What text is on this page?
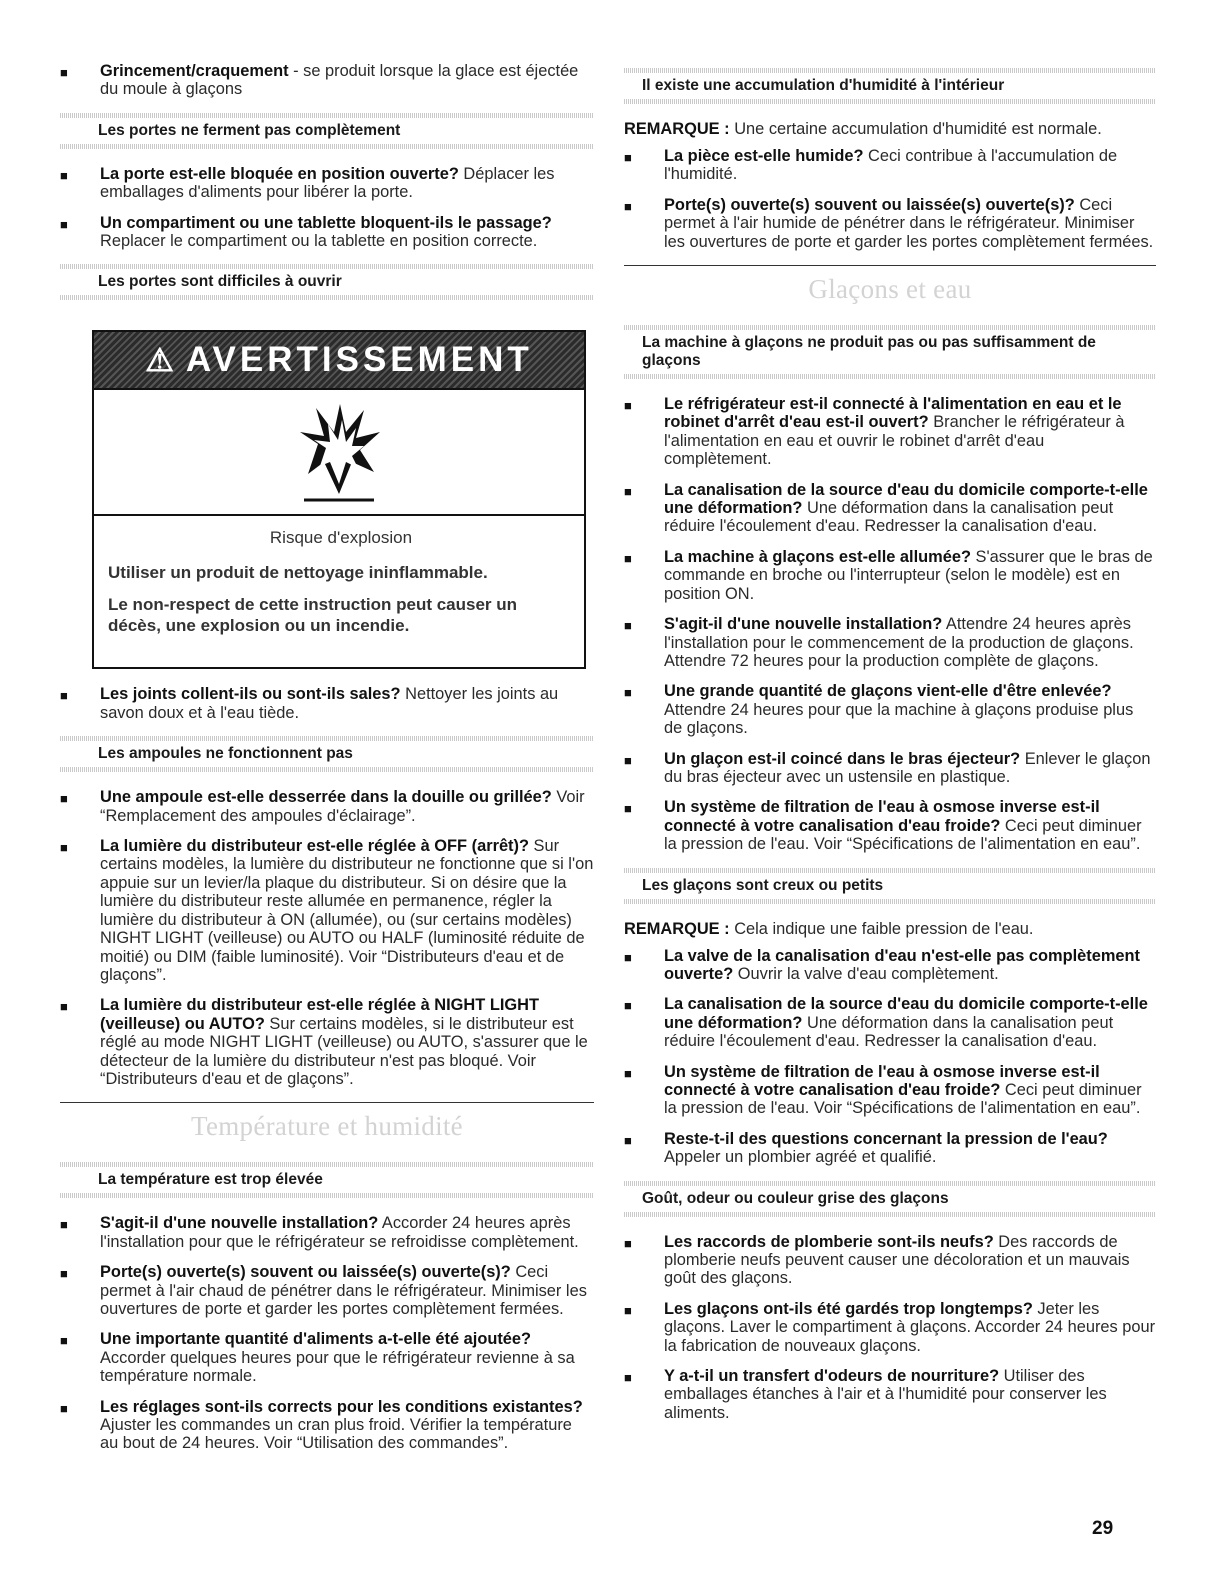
■	Grincement/craquement - se produit lorsque la glace est éjectée du moule à glaçons
Les portes ne ferment pas complètement
■	La porte est-elle bloquée en position ouverte? Déplacer les emballages d'aliments pour libérer la porte.
■	Un compartiment ou une tablette bloquent-ils le passage? Replacer le compartiment ou la tablette en position correcte.
Les portes sont difficiles à ouvrir
⚠ AVERTISSEMENT
Risque d'explosion
Utiliser un produit de nettoyage ininflammable.
Le non-respect de cette instruction peut causer un décès, une explosion ou un incendie.
■	Les joints collent-ils ou sont-ils sales? Nettoyer les joints au savon doux et à l'eau tiède.
Les ampoules ne fonctionnent pas
■	Une ampoule est-elle desserrée dans la douille ou grillée? Voir “Remplacement des ampoules d'éclairage”.
■	La lumière du distributeur est-elle réglée à OFF (arrêt)? Sur certains modèles, la lumière du distributeur ne fonctionne que si l'on appuie sur un levier/la plaque du distributeur. Si on désire que la lumière du distributeur reste allumée en permanence, régler la lumière du distributeur à ON (allumée), ou (sur certains modèles) NIGHT LIGHT (veilleuse) ou AUTO ou HALF (luminosité réduite de moitié) ou DIM (faible luminosité). Voir “Distributeurs d'eau et de glaçons”.
■	La lumière du distributeur est-elle réglée à NIGHT LIGHT (veilleuse) ou AUTO? Sur certains modèles, si le distributeur est réglé au mode NIGHT LIGHT (veilleuse) ou AUTO, s'assurer que le détecteur de la lumière du distributeur n'est pas bloqué. Voir “Distributeurs d'eau et de glaçons”.
Température et humidité
La température est trop élevée
■	S'agit-il d'une nouvelle installation? Accorder 24 heures après l'installation pour que le réfrigérateur se refroidisse complètement.
■	Porte(s) ouverte(s) souvent ou laissée(s) ouverte(s)? Ceci permet à l'air chaud de pénétrer dans le réfrigérateur. Minimiser les ouvertures de porte et garder les portes complètement fermées.
■	Une importante quantité d'aliments a-t-elle été ajoutée? Accorder quelques heures pour que le réfrigérateur revienne à sa température normale.
■	Les réglages sont-ils corrects pour les conditions existantes? Ajuster les commandes un cran plus froid. Vérifier la température au bout de 24 heures. Voir “Utilisation des commandes”.
Il existe une accumulation d'humidité à l'intérieur
REMARQUE : Une certaine accumulation d'humidité est normale.
■	La pièce est-elle humide? Ceci contribue à l'accumulation de l'humidité.
■	Porte(s) ouverte(s) souvent ou laissée(s) ouverte(s)? Ceci permet à l'air humide de pénétrer dans le réfrigérateur. Minimiser les ouvertures de porte et garder les portes complètement fermées.
Glaçons et eau
La machine à glaçons ne produit pas ou pas suffisamment de glaçons
■	Le réfrigérateur est-il connecté à l'alimentation en eau et le robinet d'arrêt d'eau est-il ouvert? Brancher le réfrigérateur à l'alimentation en eau et ouvrir le robinet d'arrêt d'eau complètement.
■	La canalisation de la source d'eau du domicile comporte-t-elle une déformation? Une déformation dans la canalisation peut réduire l'écoulement d'eau. Redresser la canalisation d'eau.
■	La machine à glaçons est-elle allumée? S'assurer que le bras de commande en broche ou l'interrupteur (selon le modèle) est en position ON.
■	S'agit-il d'une nouvelle installation? Attendre 24 heures après l'installation pour le commencement de la production de glaçons. Attendre 72 heures pour la production complète de glaçons.
■	Une grande quantité de glaçons vient-elle d'être enlevée? Attendre 24 heures pour que la machine à glaçons produise plus de glaçons.
■	Un glaçon est-il coincé dans le bras éjecteur? Enlever le glaçon du bras éjecteur avec un ustensile en plastique.
■	Un système de filtration de l'eau à osmose inverse est-il connecté à votre canalisation d'eau froide? Ceci peut diminuer la pression de l'eau. Voir “Spécifications de l'alimentation en eau”.
Les glaçons sont creux ou petits
REMARQUE : Cela indique une faible pression de l'eau.
■	La valve de la canalisation d'eau n'est-elle pas complètement ouverte? Ouvrir la valve d'eau complètement.
■	La canalisation de la source d'eau du domicile comporte-t-elle une déformation? Une déformation dans la canalisation peut réduire l'écoulement d'eau. Redresser la canalisation d'eau.
■	Un système de filtration de l'eau à osmose inverse est-il connecté à votre canalisation d'eau froide? Ceci peut diminuer la pression de l'eau. Voir “Spécifications de l'alimentation en eau”.
■	Reste-t-il des questions concernant la pression de l'eau? Appeler un plombier agréé et qualifié.
Goût, odeur ou couleur grise des glaçons
■	Les raccords de plomberie sont-ils neufs? Des raccords de plomberie neufs peuvent causer une décoloration et un mauvais goût des glaçons.
■	Les glaçons ont-ils été gardés trop longtemps? Jeter les glaçons. Laver le compartiment à glaçons. Accorder 24 heures pour la fabrication de nouveaux glaçons.
■	Y a-t-il un transfert d'odeurs de nourriture? Utiliser des emballages étanches à l'air et à l'humidité pour conserver les aliments.
29
